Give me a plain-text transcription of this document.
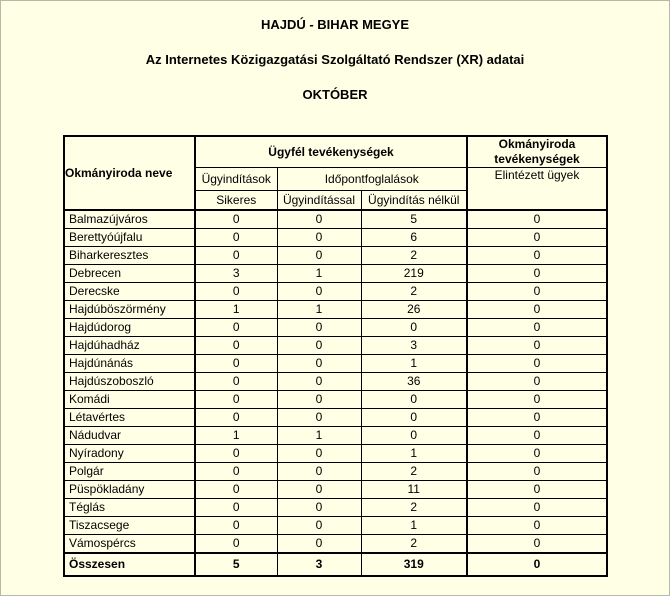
HAJDÚ - BIHAR MEGYE
Az Internetes Közigazgatási Szolgáltató Rendszer (XR) adatai
OKTÓBER
Okmányiroda neve	Ügyfél tevékenységek			Okmányiroda tevékenységek
	Ügyindítások	Időpontfoglalások		Elintézett ügyek
	Sikeres	Ügyindítással	Ügyindítás nélkül	
Balmazújváros	0	0	5	0
Berettyóújfalu	0	0	6	0
Biharkeresztes	0	0	2	0
Debrecen	3	1	219	0
Derecske	0	0	2	0
Hajdúböszörmény	1	1	26	0
Hajdúdorog	0	0	0	0
Hajdúhadház	0	0	3	0
Hajdúnánás	0	0	1	0
Hajdúszoboszló	0	0	36	0
Komádi	0	0	0	0
Létavértes	0	0	0	0
Nádudvar	1	1	0	0
Nyíradony	0	0	1	0
Polgár	0	0	2	0
Püspökladány	0	0	11	0
Téglás	0	0	2	0
Tiszacsege	0	0	1	0
Vámospércs	0	0	2	0
Összesen	5	3	319	0
